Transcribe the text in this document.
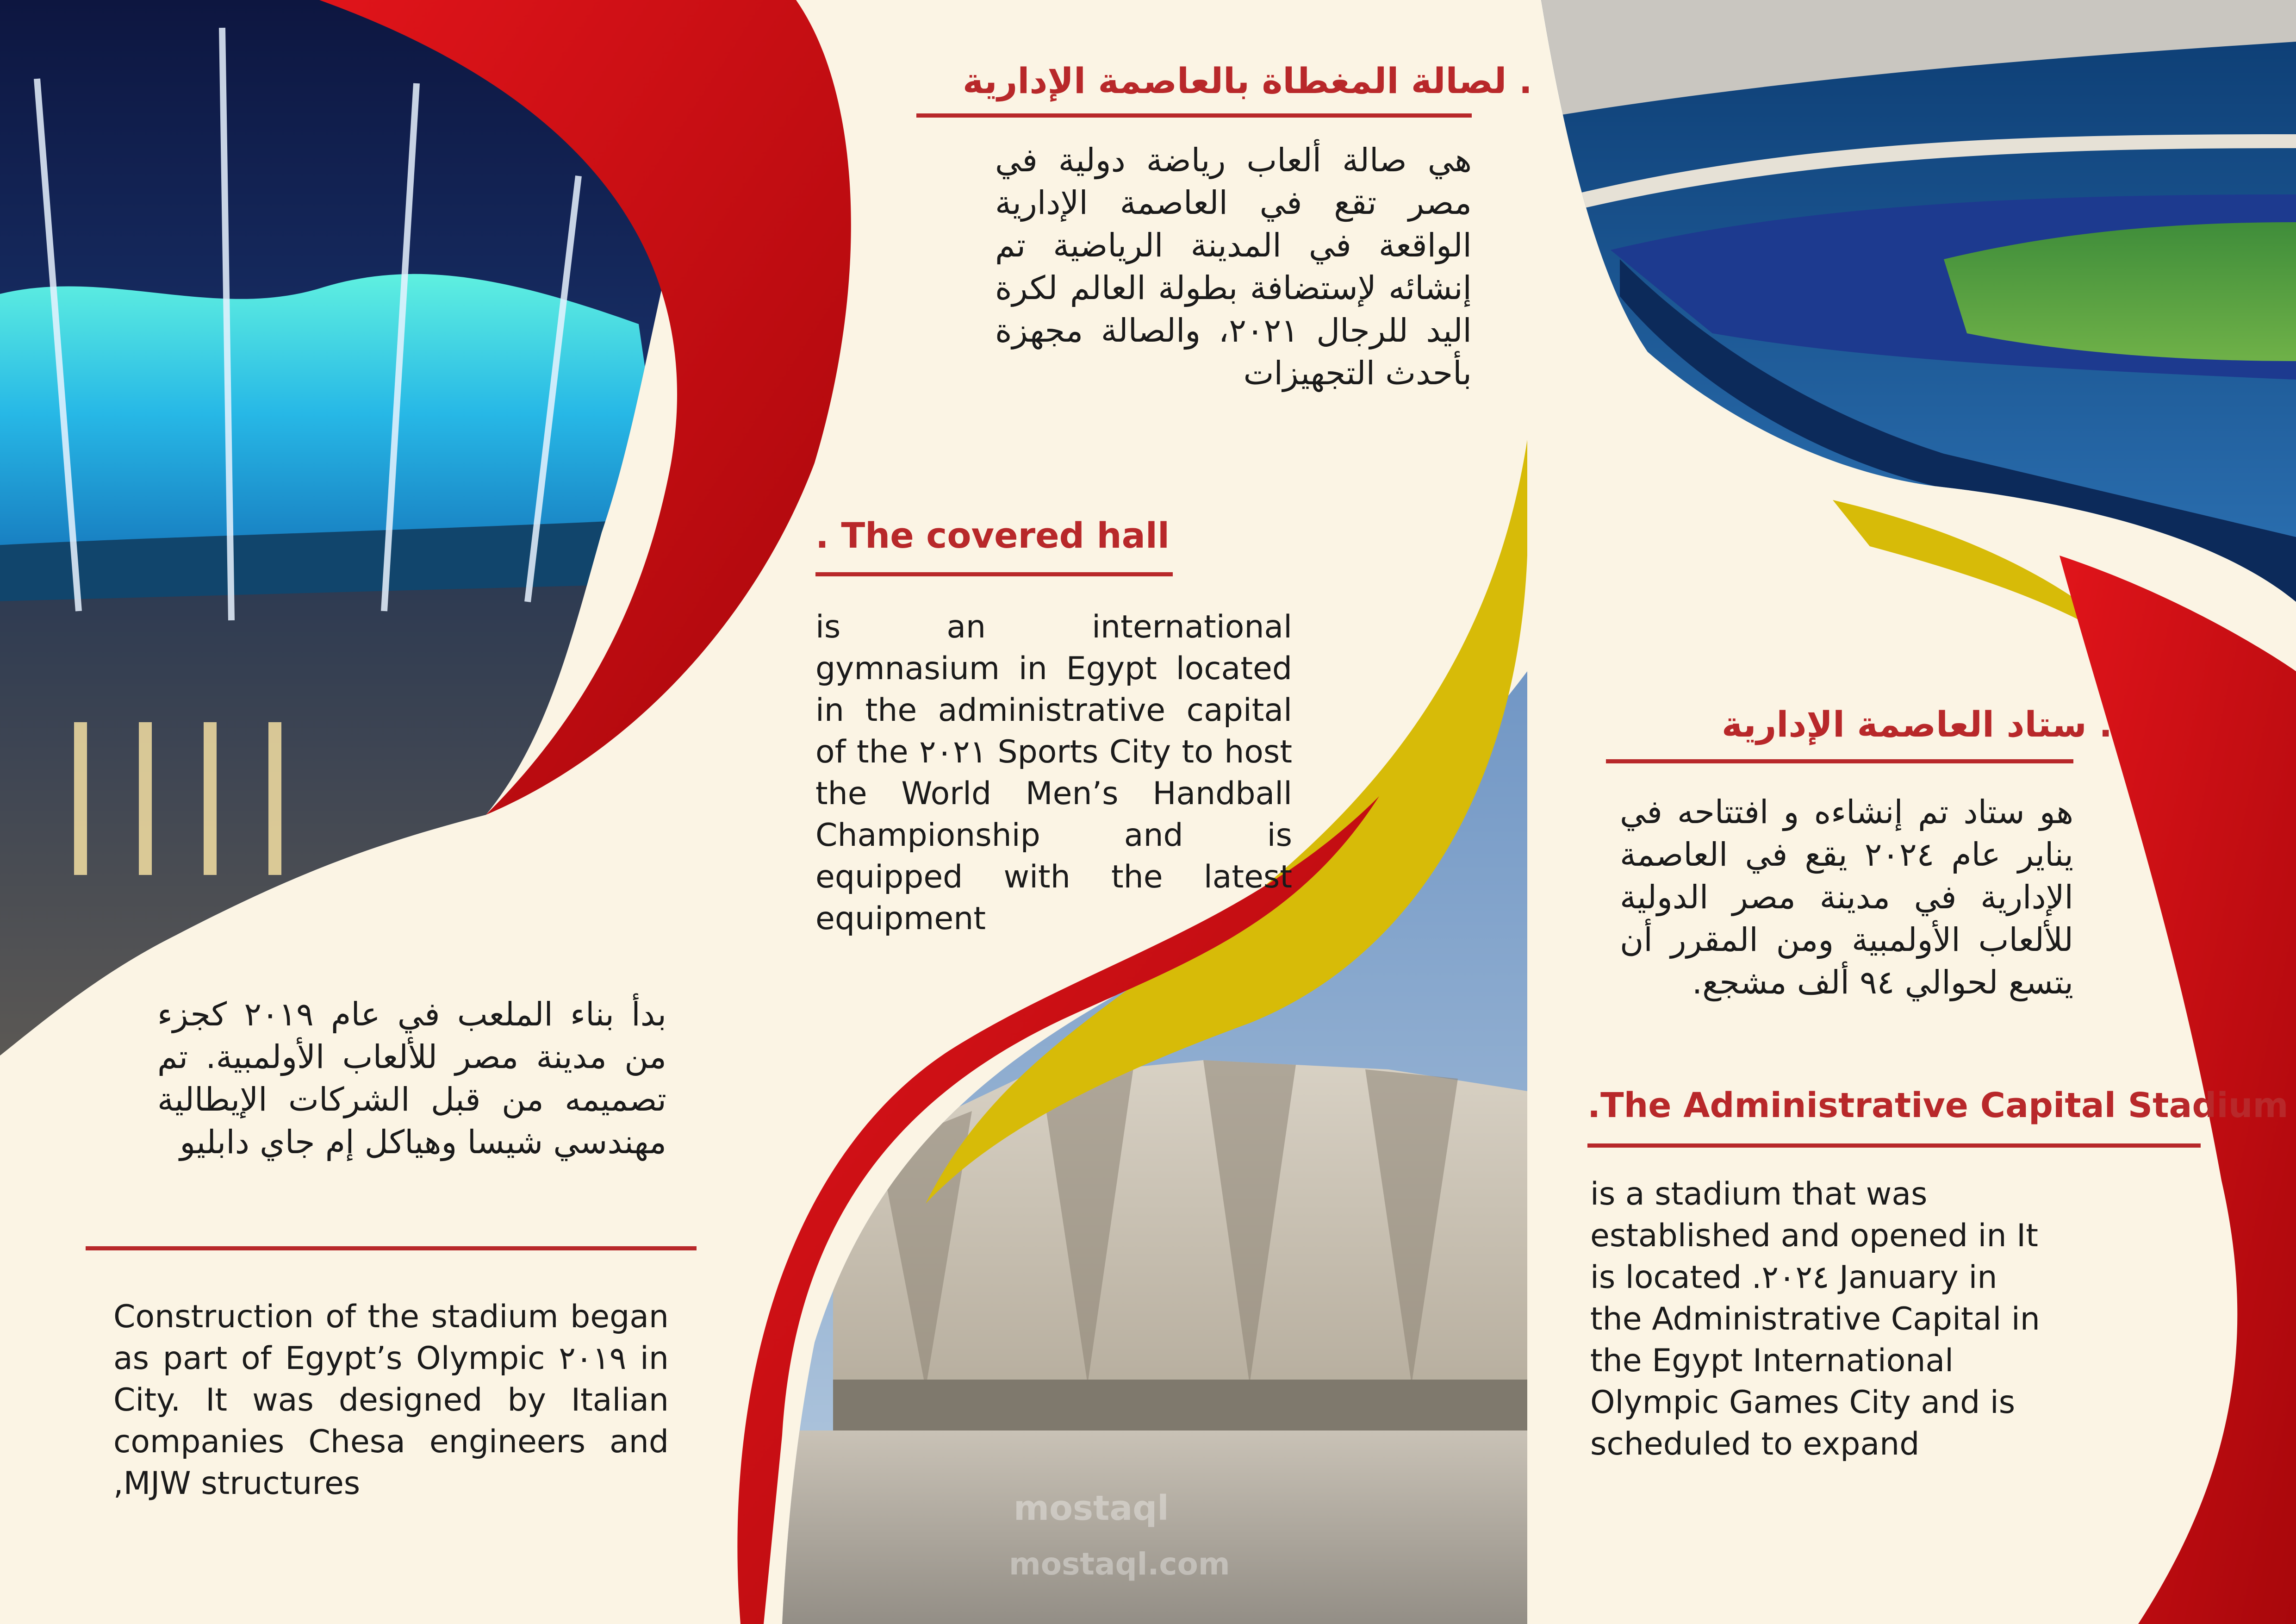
. لصالة المغطاة بالعاصمة الإدارية

هي صالة ألعاب رياضة دولية في مصر تقع في العاصمة الإدارية الواقعة في المدينة الرياضية تم إنشائه لإستضافة بطولة العالم لكرة اليد للرجال ٢٠٢١، والصالة مجهزة بأحدث التجهيزات

. The covered hall

is an international gymnasium in Egypt located in the administrative capital of the ٢٠٢١ Sports City to host the World Men’s Handball Championship and is equipped with the latest equipment

. ستاد العاصمة الإدارية

هو ستاد تم إنشاءه و افتتاحه في يناير عام ٢٠٢٤ يقع في العاصمة الإدارية في مدينة مصر الدولية للألعاب الأولمبية ومن المقرر أن يتسع لحوالي ٩٤ ألف مشجع.

.The Administrative Capital Stadium

is a stadium that was established and opened in It is located .٢٠٢٤ January in the Administrative Capital in the Egypt International Olympic Games City and is scheduled to expand

بدأ بناء الملعب في عام ٢٠١٩ كجزء من مدينة مصر للألعاب الأولمبية. تم تصميمه من قبل الشركات الإيطالية مهندسي شيسا وهياكل إم جاي دابليو

Construction of the stadium began as part of Egypt’s Olympic ٢٠١٩ in City. It was designed by Italian companies Chesa engineers and ,MJW structures

mostaql
mostaql.com
